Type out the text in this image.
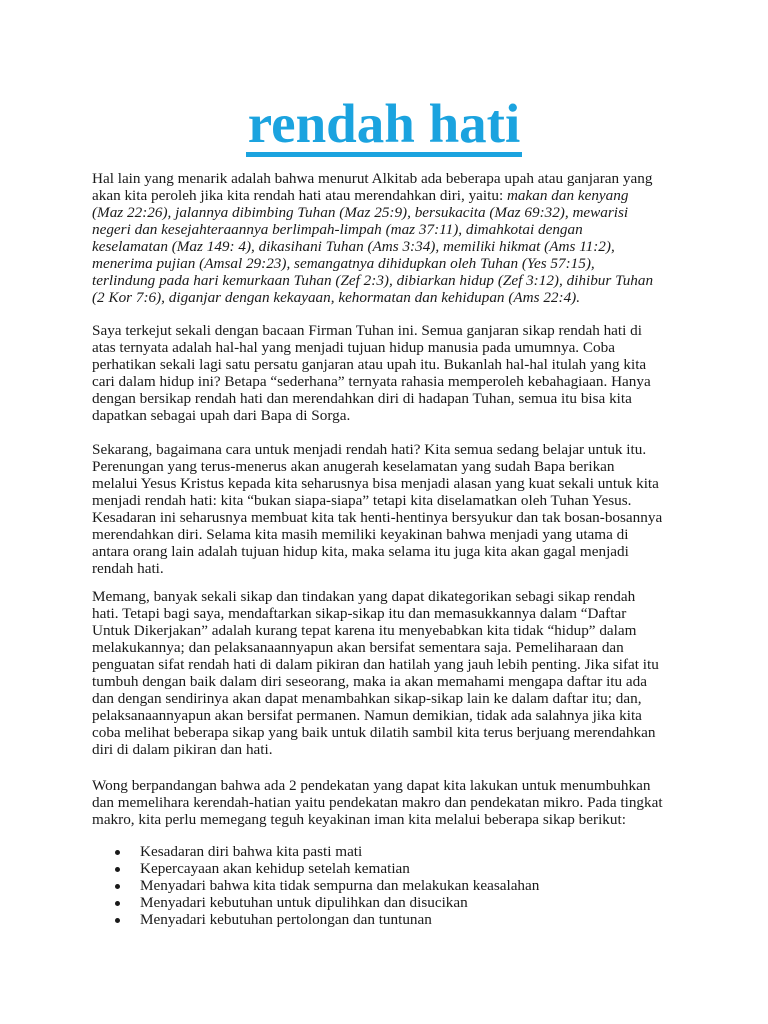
rendah hati
Hal lain yang menarik adalah bahwa menurut Alkitab ada beberapa upah atau ganjaran yang
akan kita peroleh jika kita rendah hati atau merendahkan diri, yaitu: makan dan kenyang
(Maz 22:26), jalannya dibimbing Tuhan (Maz 25:9), bersukacita (Maz 69:32), mewarisi
negeri dan kesejahteraannya berlimpah-limpah (maz 37:11), dimahkotai dengan
keselamatan (Maz 149: 4), dikasihani Tuhan (Ams 3:34), memiliki hikmat (Ams 11:2),
menerima pujian (Amsal 29:23), semangatnya dihidupkan oleh Tuhan (Yes 57:15),
terlindung pada hari kemurkaan Tuhan (Zef 2:3), dibiarkan hidup (Zef 3:12), dihibur Tuhan
(2 Kor 7:6), diganjar dengan kekayaan, kehormatan dan kehidupan (Ams 22:4).
Saya terkejut sekali dengan bacaan Firman Tuhan ini. Semua ganjaran sikap rendah hati di
atas ternyata adalah hal-hal yang menjadi tujuan hidup manusia pada umumnya. Coba
perhatikan sekali lagi satu persatu ganjaran atau upah itu. Bukanlah hal-hal itulah yang kita
cari dalam hidup ini? Betapa “sederhana” ternyata rahasia memperoleh kebahagiaan. Hanya
dengan bersikap rendah hati dan merendahkan diri di hadapan Tuhan, semua itu bisa kita
dapatkan sebagai upah dari Bapa di Sorga.
Sekarang, bagaimana cara untuk menjadi rendah hati? Kita semua sedang belajar untuk itu.
Perenungan yang terus-menerus akan anugerah keselamatan yang sudah Bapa berikan
melalui Yesus Kristus kepada kita seharusnya bisa menjadi alasan yang kuat sekali untuk kita
menjadi rendah hati: kita “bukan siapa-siapa” tetapi kita diselamatkan oleh Tuhan Yesus.
Kesadaran ini seharusnya membuat kita tak henti-hentinya bersyukur dan tak bosan-bosannya
merendahkan diri. Selama kita masih memiliki keyakinan bahwa menjadi yang utama di
antara orang lain adalah tujuan hidup kita, maka selama itu juga kita akan gagal menjadi
rendah hati.
Memang, banyak sekali sikap dan tindakan yang dapat dikategorikan sebagi sikap rendah
hati. Tetapi bagi saya, mendaftarkan sikap-sikap itu dan memasukkannya dalam “Daftar
Untuk Dikerjakan” adalah kurang tepat karena itu menyebabkan kita tidak “hidup” dalam
melakukannya; dan pelaksanaannyapun akan bersifat sementara saja. Pemeliharaan dan
penguatan sifat rendah hati di dalam pikiran dan hatilah yang jauh lebih penting. Jika sifat itu
tumbuh dengan baik dalam diri seseorang, maka ia akan memahami mengapa daftar itu ada
dan dengan sendirinya akan dapat menambahkan sikap-sikap lain ke dalam daftar itu; dan,
pelaksanaannyapun akan bersifat permanen. Namun demikian, tidak ada salahnya jika kita
coba melihat beberapa sikap yang baik untuk dilatih sambil kita terus berjuang merendahkan
diri di dalam pikiran dan hati.
Wong berpandangan bahwa ada 2 pendekatan yang dapat kita lakukan untuk menumbuhkan
dan memelihara kerendah-hatian yaitu pendekatan makro dan pendekatan mikro. Pada tingkat
makro, kita perlu memegang teguh keyakinan iman kita melalui beberapa sikap berikut:
Kesadaran diri bahwa kita pasti mati
Kepercayaan akan kehidup setelah kematian
Menyadari bahwa kita tidak sempurna dan melakukan keasalahan
Menyadari kebutuhan untuk dipulihkan dan disucikan
Menyadari kebutuhan pertolongan dan tuntunan
